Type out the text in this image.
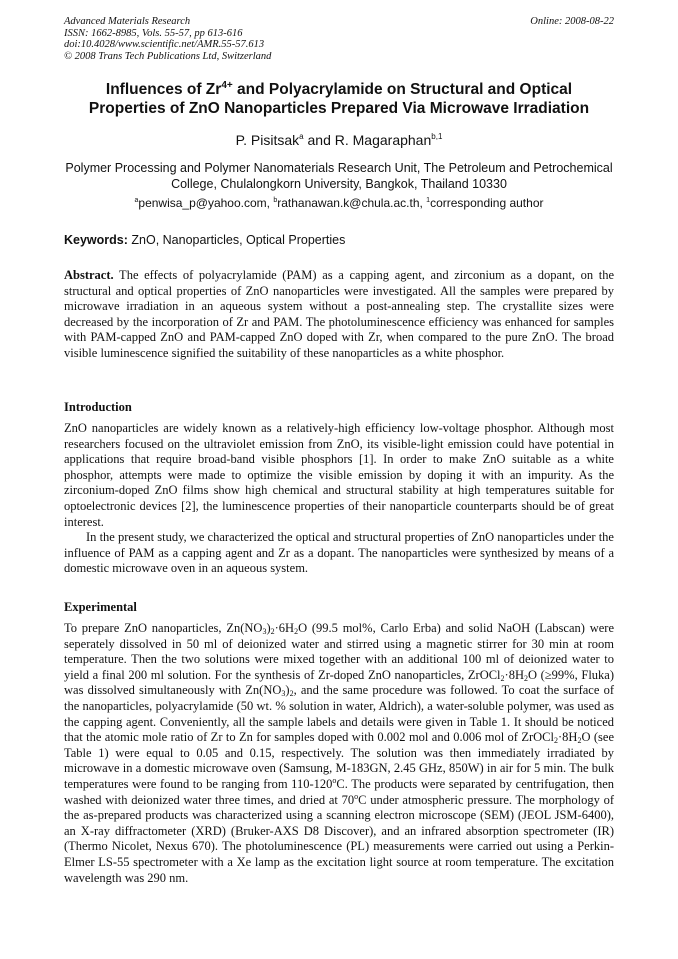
Advanced Materials Research
ISSN: 1662-8985, Vols. 55-57, pp 613-616
doi:10.4028/www.scientific.net/AMR.55-57.613
© 2008 Trans Tech Publications Ltd, Switzerland
Online: 2008-08-22
Influences of $Zr^{4+}$ and Polyacrylamide on Structural and Optical
Properties of ZnO Nanoparticles Prepared Via Microwave Irradiation
P. Pisitsak$^a$ and R. Magaraphan$^{b,1}$
Polymer Processing and Polymer Nanomaterials Research Unit, The Petroleum and Petrochemical
College, Chulalongkorn University, Bangkok, Thailand 10330
$^a$penwisa_p@yahoo.com, $^b$rathanawan.k@chula.ac.th, $^1$corresponding author
Keywords: ZnO, Nanoparticles, Optical Properties

Abstract. The effects of polyacrylamide (PAM) as a capping agent, and zirconium as a dopant, on the structural and optical properties of ZnO nanoparticles were investigated. All the samples were prepared by microwave irradiation in an aqueous system without a post-annealing step. The crystallite sizes were decreased by the incorporation of Zr and PAM. The photoluminescence efficiency was enhanced for samples with PAM-capped ZnO and PAM-capped ZnO doped with Zr, when compared to the pure ZnO. The broad visible luminescence signified the suitability of these nanoparticles as a white phosphor.

Introduction

ZnO nanoparticles are widely known as a relatively-high efficiency low-voltage phosphor. Although most researchers focused on the ultraviolet emission from ZnO, its visible-light emission could have potential in applications that require broad-band visible phosphors [1]. In order to make ZnO suitable as a white phosphor, attempts were made to optimize the visible emission by doping it with an impurity. As the zirconium-doped ZnO films show high chemical and structural stability at high temperatures suitable for optoelectronic devices [2], the luminescence properties of their nanoparticle counterparts should be of great interest.

In the present study, we characterized the optical and structural properties of ZnO nanoparticles under the influence of PAM as a capping agent and Zr as a dopant. The nanoparticles were synthesized by means of a domestic microwave oven in an aqueous system.

Experimental

To prepare ZnO nanoparticles, $Zn(NO_3)_2\cdot 6H_2O$ (99.5 mol%, Carlo Erba) and solid NaOH (Labscan) were seperately dissolved in 50 ml of deionized water and stirred using a magnetic stirrer for 30 min at room temperature. Then the two solutions were mixed together with an additional 100 ml of deionized water to yield a final 200 ml solution. For the synthesis of Zr-doped ZnO nanoparticles, $ZrOCl_2\cdot 8H_2O$ (≥99%, Fluka) was dissolved simultaneously with $Zn(NO_3)_2$, and the same procedure was followed. To coat the surface of the nanoparticles, polyacrylamide (50 wt. % solution in water, Aldrich), a water-soluble polymer, was used as the capping agent. Conveniently, all the sample labels and details were given in Table 1. It should be noticed that the atomic mole ratio of Zr to Zn for samples doped with 0.002 mol and 0.006 mol of $ZrOCl_2\cdot 8H_2O$ (see Table 1) were equal to 0.05 and 0.15, respectively. The solution was then immediately irradiated by microwave in a domestic microwave oven (Samsung, M-183GN, 2.45 GHz, 850W) in air for 5 min. The bulk temperatures were found to be ranging from 110-120$^o$C. The products were separated by centrifugation, then washed with deionized water three times, and dried at 70$^o$C under atmospheric pressure. The morphology of the as-prepared products was characterized using a scanning electron microscope (SEM) (JEOL JSM-6400), an X-ray diffractometer (XRD) (Bruker-AXS D8 Discover), and an infrared absorption spectrometer (IR) (Thermo Nicolet, Nexus 670). The photoluminescence (PL) measurements were carried out using a Perkin-Elmer LS-55 spectrometer with a Xe lamp as the excitation light source at room temperature. The excitation wavelength was 290 nm.
